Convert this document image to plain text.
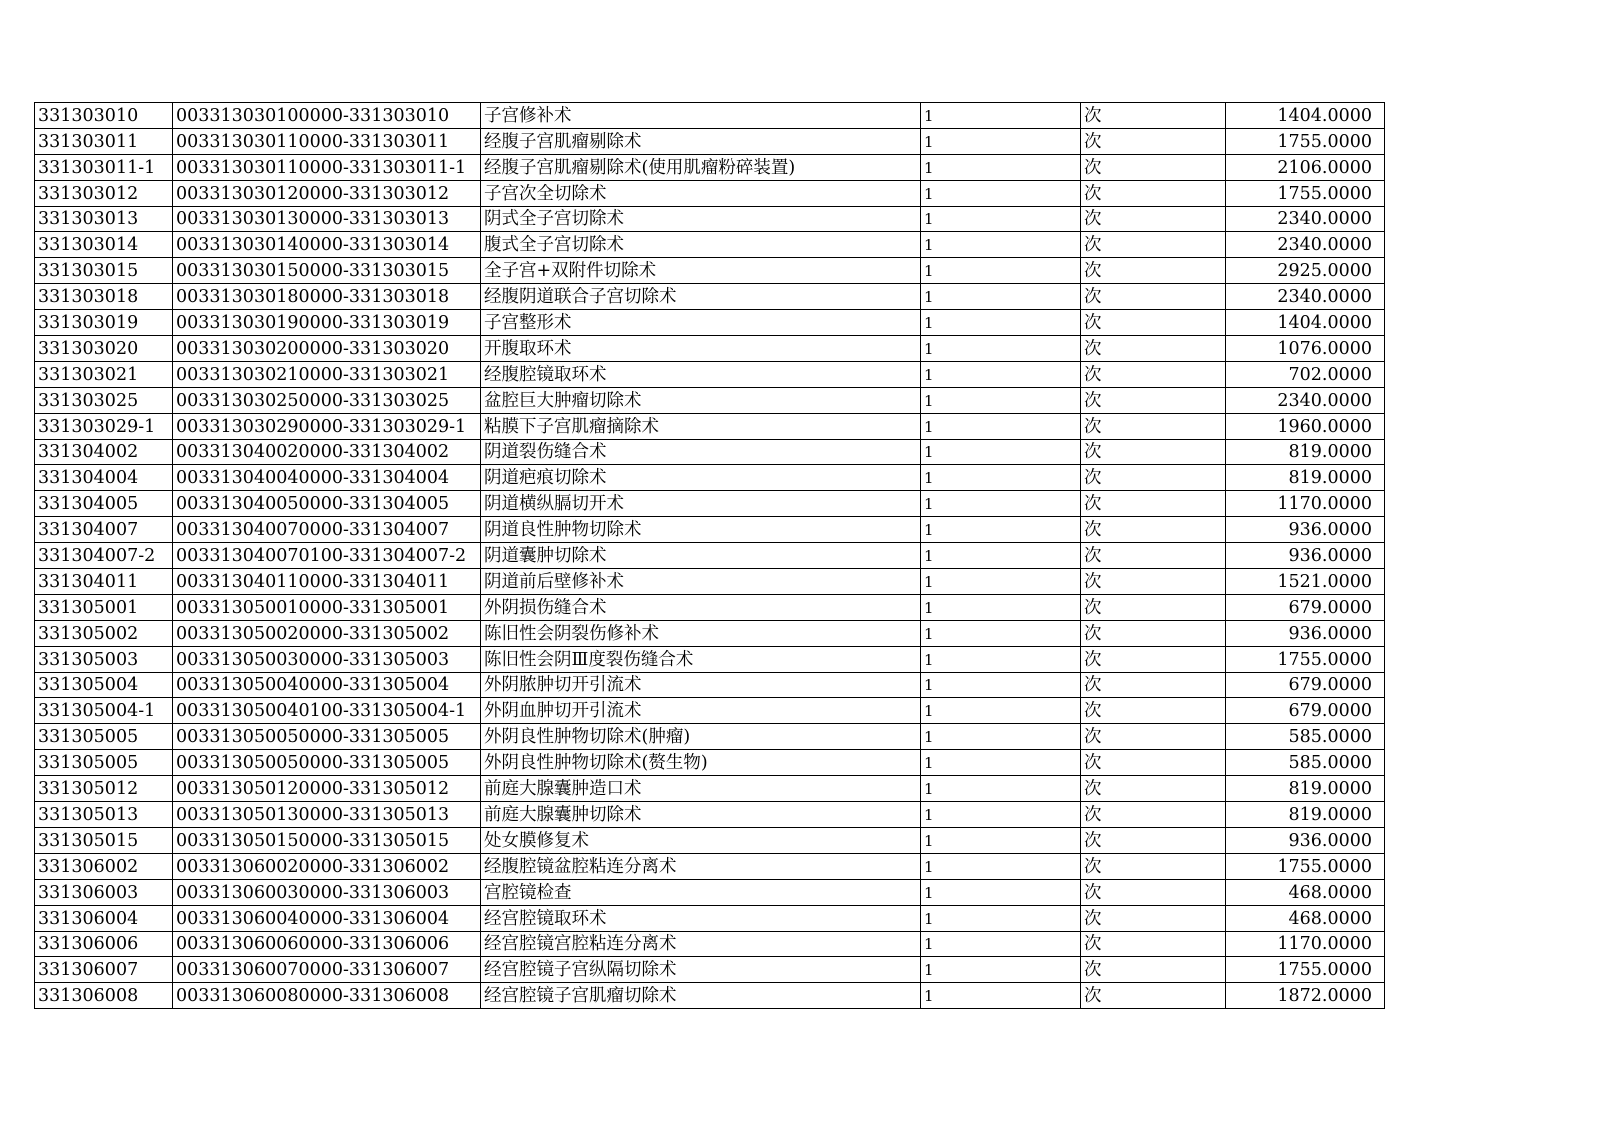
331303010	003313030100000-331303010	子宫修补术	1	次	1404.0000
331303011	003313030110000-331303011	经腹子宫肌瘤剔除术	1	次	1755.0000
331303011-1	003313030110000-331303011-1	经腹子宫肌瘤剔除术(使用肌瘤粉碎装置)	1	次	2106.0000
331303012	003313030120000-331303012	子宫次全切除术	1	次	1755.0000
331303013	003313030130000-331303013	阴式全子宫切除术	1	次	2340.0000
331303014	003313030140000-331303014	腹式全子宫切除术	1	次	2340.0000
331303015	003313030150000-331303015	全子宫+双附件切除术	1	次	2925.0000
331303018	003313030180000-331303018	经腹阴道联合子宫切除术	1	次	2340.0000
331303019	003313030190000-331303019	子宫整形术	1	次	1404.0000
331303020	003313030200000-331303020	开腹取环术	1	次	1076.0000
331303021	003313030210000-331303021	经腹腔镜取环术	1	次	702.0000
331303025	003313030250000-331303025	盆腔巨大肿瘤切除术	1	次	2340.0000
331303029-1	003313030290000-331303029-1	粘膜下子宫肌瘤摘除术	1	次	1960.0000
331304002	003313040020000-331304002	阴道裂伤缝合术	1	次	819.0000
331304004	003313040040000-331304004	阴道疤痕切除术	1	次	819.0000
331304005	003313040050000-331304005	阴道横纵膈切开术	1	次	1170.0000
331304007	003313040070000-331304007	阴道良性肿物切除术	1	次	936.0000
331304007-2	003313040070100-331304007-2	阴道囊肿切除术	1	次	936.0000
331304011	003313040110000-331304011	阴道前后壁修补术	1	次	1521.0000
331305001	003313050010000-331305001	外阴损伤缝合术	1	次	679.0000
331305002	003313050020000-331305002	陈旧性会阴裂伤修补术	1	次	936.0000
331305003	003313050030000-331305003	陈旧性会阴Ⅲ度裂伤缝合术	1	次	1755.0000
331305004	003313050040000-331305004	外阴脓肿切开引流术	1	次	679.0000
331305004-1	003313050040100-331305004-1	外阴血肿切开引流术	1	次	679.0000
331305005	003313050050000-331305005	外阴良性肿物切除术(肿瘤)	1	次	585.0000
331305005	003313050050000-331305005	外阴良性肿物切除术(赘生物)	1	次	585.0000
331305012	003313050120000-331305012	前庭大腺囊肿造口术	1	次	819.0000
331305013	003313050130000-331305013	前庭大腺囊肿切除术	1	次	819.0000
331305015	003313050150000-331305015	处女膜修复术	1	次	936.0000
331306002	003313060020000-331306002	经腹腔镜盆腔粘连分离术	1	次	1755.0000
331306003	003313060030000-331306003	宫腔镜检查	1	次	468.0000
331306004	003313060040000-331306004	经宫腔镜取环术	1	次	468.0000
331306006	003313060060000-331306006	经宫腔镜宫腔粘连分离术	1	次	1170.0000
331306007	003313060070000-331306007	经宫腔镜子宫纵隔切除术	1	次	1755.0000
331306008	003313060080000-331306008	经宫腔镜子宫肌瘤切除术	1	次	1872.0000
